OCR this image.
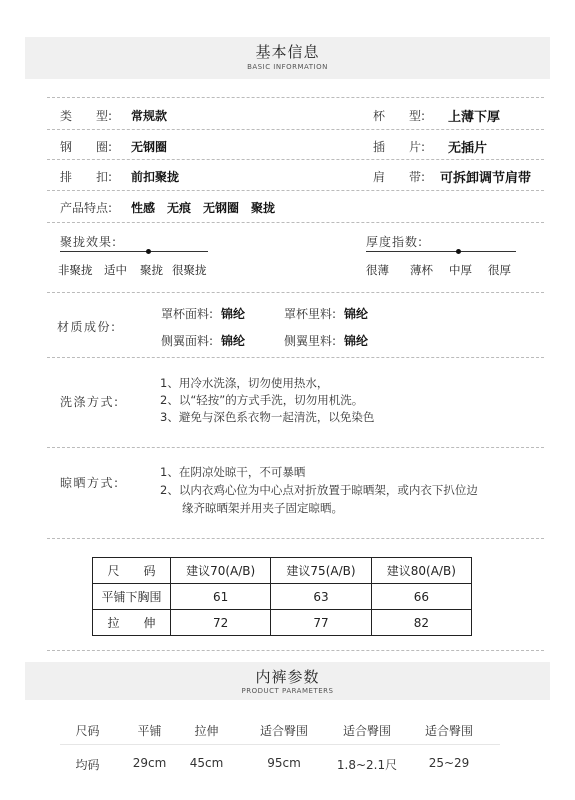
基本信息
BASIC INFORMATION
类　　型: 常规款	杯　　型: 上薄下厚
钢　　圈: 无钢圈	插　　片: 无插片
排　　扣: 前扣聚拢	肩　　带: 可拆卸调节肩带
产品特点: 性感　无痕　无钢圈　聚拢
聚拢效果:
非聚拢 适中 聚拢 很聚拢
厚度指数:
很薄 薄杯 中厚 很厚
材质成份:
罩杯面料: 锦纶	罩杯里料: 锦纶
侧翼面料: 锦纶	侧翼里料: 锦纶
洗涤方式:
1、用冷水洗涤，切勿使用热水，
2、以“轻按”的方式手洗，切勿用机洗。
3、避免与深色系衣物一起清洗，以免染色
晾晒方式:
1、在阴凉处晾干，不可暴晒
2、以内衣鸡心位为中心点对折放置于晾晒架，或内衣下扒位边
缘齐晾晒架并用夹子固定晾晒。
尺　　码	建议70(A/B)	建议75(A/B)	建议80(A/B)
平铺下胸围	61	63	66
拉　　伸	72	77	82
内裤参数
PRODUCT PARAMETERS
尺码	平铺	拉伸	适合臀围	适合臀围	适合臀围
均码	29cm	45cm	95cm	1.8~2.1尺	25~29
